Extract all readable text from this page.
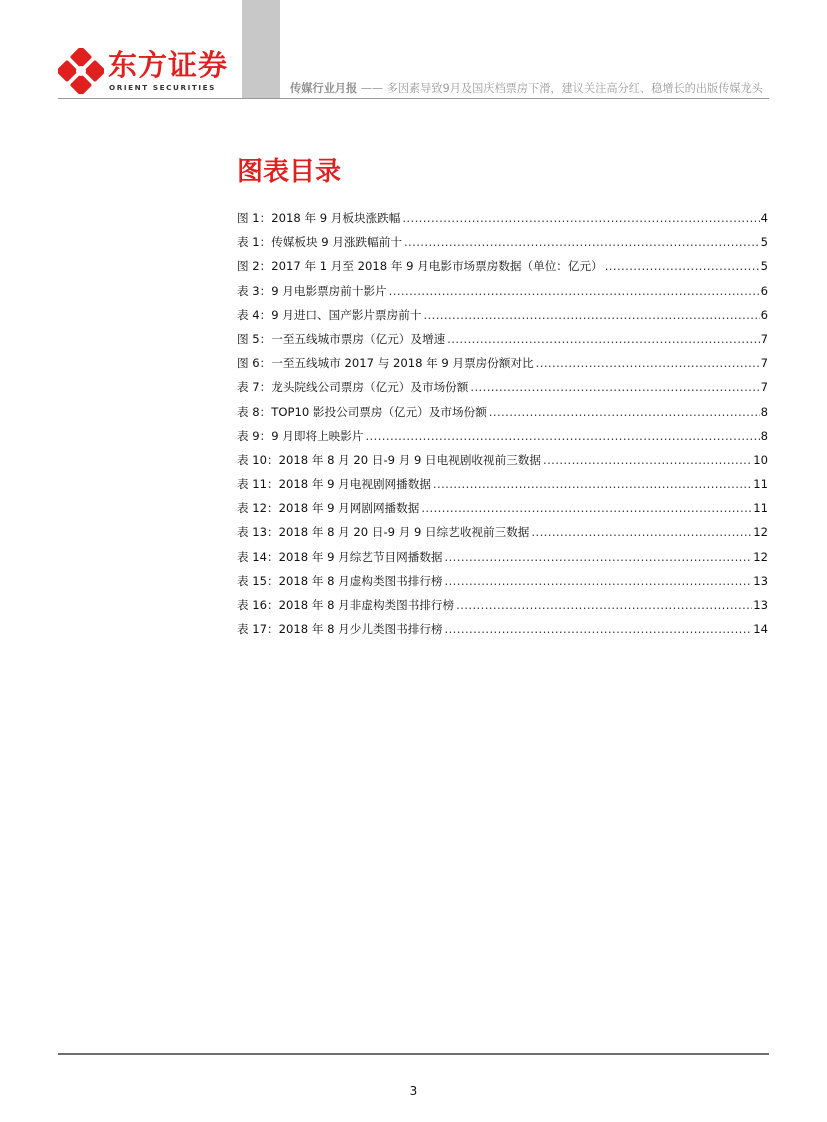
东方证券
ORIENT SECURITIES	传媒行业月报 —— 多因素导致9月及国庆档票房下滑，建议关注高分红、稳增长的出版传媒龙头
图表目录
图 1：2018 年 9 月板块涨跌幅 .....	4
表 1：传媒板块 9 月涨跌幅前十 .....	5
图 2：2017 年 1 月至 2018 年 9 月电影市场票房数据（单位：亿元） .....	5
表 3：9 月电影票房前十影片 .....	6
表 4：9 月进口、国产影片票房前十 .....	6
图 5：一至五线城市票房（亿元）及增速 .....	7
图 6：一至五线城市 2017 与 2018 年 9 月票房份额对比 .....	7
表 7：龙头院线公司票房（亿元）及市场份额 .....	7
表 8：TOP10 影投公司票房（亿元）及市场份额 .....	8
表 9：9 月即将上映影片 .....	8
表 10：2018 年 8 月 20 日-9 月 9 日电视剧收视前三数据 .....	10
表 11：2018 年 9 月电视剧网播数据 .....	11
表 12：2018 年 9 月网剧网播数据 .....	11
表 13：2018 年 8 月 20 日-9 月 9 日综艺收视前三数据 .....	12
表 14：2018 年 9 月综艺节目网播数据 .....	12
表 15：2018 年 8 月虚构类图书排行榜 .....	13
表 16：2018 年 8 月非虚构类图书排行榜 .....	13
表 17：2018 年 8 月少儿类图书排行榜 .....	14
3
